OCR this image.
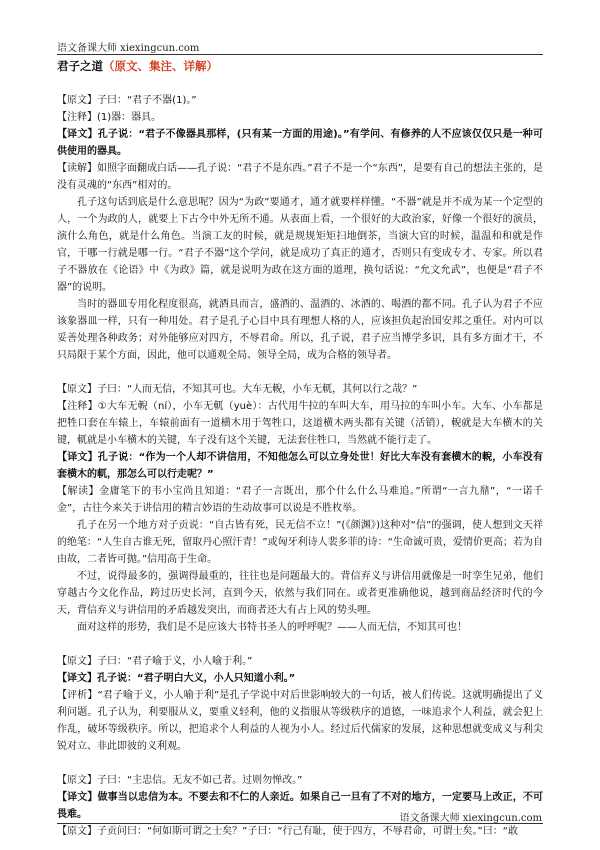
语文备课大师 xiexingcun.com
君子之道（原文、集注、详解）

【原文】子曰：“君子不器(1)。”

【注释】(1)器：器具。

【译文】孔子说：“君子不像器具那样，(只有某一方面的用途)。”有学问、有修养的人不应该仅仅只是一种可供使用的器具。

【读解】如照字面翻成白话——孔子说：“君子不是东西。”君子不是一个“东西”，是要有自己的想法主张的，是没有灵魂的“东西”相对的。

孔子这句话到底是什么意思呢？因为“为政”要通才，通才就要样样懂。“不器”就是并不成为某一个定型的人，一个为政的人，就要上下古今中外无所不通。从表面上看，一个很好的大政治家，好像一个很好的演员，演什么角色，就是什么角色。当演工友的时候，就是规规矩矩扫地倒茶，当演大官的时候，温温和和就是作官，干哪一行就是哪一行。“君子不器”这个学问，就是成功了真正的通才，否则只有变成专才、专家。所以君子不器放在《论语》中《为政》篇，就是说明为政在这方面的道理，换句话说：“允文允武”，也便是“君子不器”的说明。

当时的器皿专用化程度很高，就酒具而言，盛酒的、温酒的、冰酒的、喝酒的都不同。孔子认为君子不应该象器皿一样，只有一种用处。君子是孔子心目中具有理想人格的人，应该担负起治国安邦之重任。对内可以妥善处理各种政务；对外能够应对四方，不辱君命。所以，孔子说，君子应当博学多识，具有多方面才干，不只局限于某个方面，因此，他可以通观全局、领导全局，成为合格的领导者。

【原文】子曰：“人而无信，不知其可也。大车无輗，小车无軏，其何以行之哉？”

【注释】①大车无輗（ní），小车无軏（yuè）：古代用牛拉的车叫大车，用马拉的车叫小车。大车、小车都是把牲口套在车辕上，车辕前面有一道横木用于驾牲口，这道横木两头都有关键（活销），輗就是大车横木的关键，軏就是小车横木的关键，车子没有这个关键，无法套住牲口，当然就不能行走了。

【译文】孔子说：“作为一个人却不讲信用，不知他怎么可以立身处世！好比大车没有套横木的輗，小车没有套横木的軏，那怎么可以行走呢？”

【解读】金庸笔下的韦小宝尚且知道：“君子一言既出，那个什么什么马难追。”所谓“一言九鼎”，“一诺千金”，古往今来关于讲信用的精言妙语的生动故事可以说是不胜枚举。

孔子在另一个地方对子贡说：“自古皆有死，民无信不立！”(《颜渊》)这种对“信”的强调，使人想到文天祥的绝笔：“人生自古谁无死，留取丹心照汗青！”或匈牙利诗人裴多菲的诗：“生命诚可贵，爱情价更高；若为自由故，二者皆可抛。”信用高于生命。

不过，说得最多的，强调得最重的，往往也是问题最大的。背信弃义与讲信用就像是一时孪生兄弟，他们穿越古今文化作品，跨过历史长河，直到今天，依然与我们同在。或者更准确他说，越到商品经济时代的今天，背信弃义与讲信用的矛盾越发突出，而商者还大有占上风的势头哩。

面对这样的形势，我们是不是应该大书特书圣人的呼呼呢？——人而无信，不知其可也！

【原文】子曰：“君子喻于义，小人喻于利。”

【译文】孔子说：“君子明白大义，小人只知道小利。”

【评析】“君子喻于义，小人喻于利”是孔子学说中对后世影响较大的一句话，被人们传说。这就明确提出了义利问题。孔子认为，利要服从义，要重义轻利，他的义指服从等级秩序的道德，一味追求个人利益，就会犯上作乱，破坏等级秩序。所以，把追求个人利益的人视为小人。经过后代儒家的发展，这种思想就变成义与利尖锐对立、非此即彼的义利观。

【原文】子曰：“主忠信。无友不如己者。过则勿惮改。”

【译文】做事当以忠信为本。不要去和不仁的人亲近。如果自己一旦有了不对的地方，一定要马上改正，不可畏难。

【原文】子贡问曰：“何如斯可谓之士矣？”子曰：“行己有耻，使于四方，不辱君命，可谓士矣。”曰：“敢

语文备课大师 xiexingcun.com
